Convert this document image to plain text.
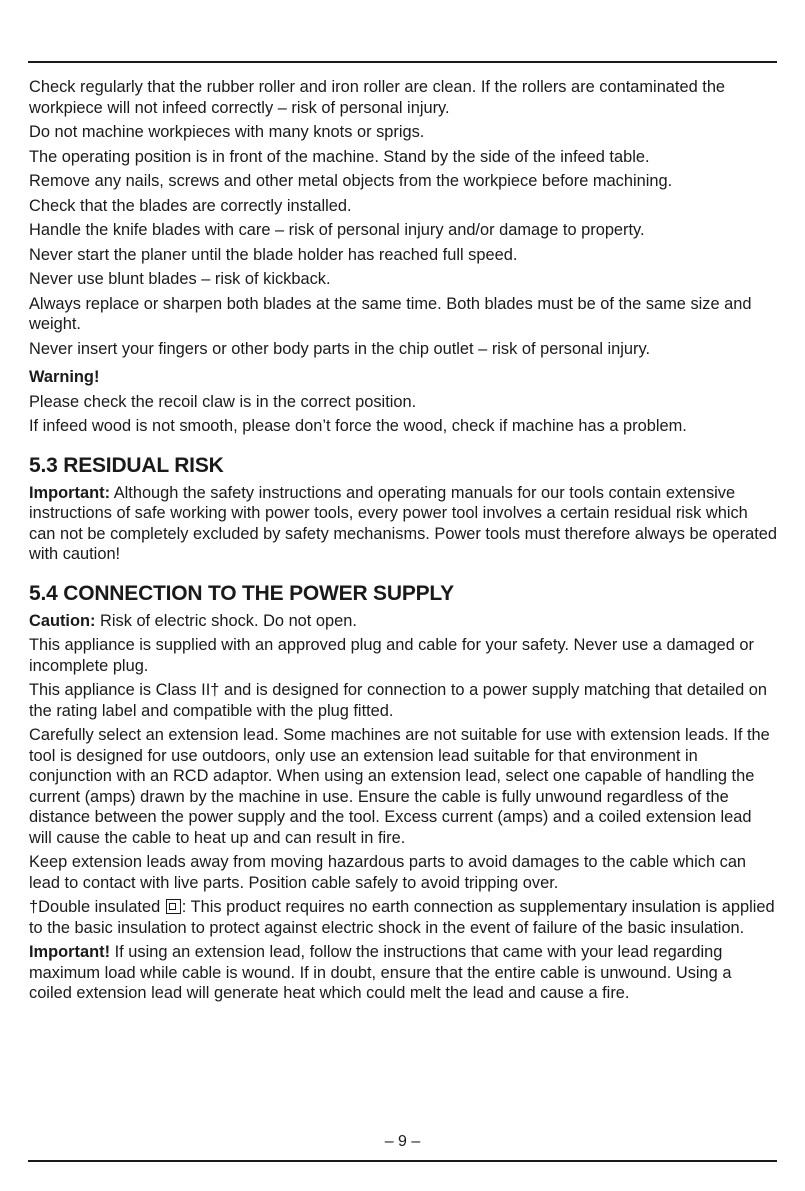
Check regularly that the rubber roller and iron roller are clean. If the rollers are contaminated the workpiece will not infeed correctly – risk of personal injury.

Do not machine workpieces with many knots or sprigs.

The operating position is in front of the machine. Stand by the side of the infeed table.

Remove any nails, screws and other metal objects from the workpiece before machining.

Check that the blades are correctly installed.

Handle the knife blades with care – risk of personal injury and/or damage to property.

Never start the planer until the blade holder has reached full speed.

Never use blunt blades – risk of kickback.

Always replace or sharpen both blades at the same time. Both blades must be of the same size and weight.

Never insert your fingers or other body parts in the chip outlet – risk of personal injury.

Warning!

Please check the recoil claw is in the correct position.

If infeed wood is not smooth, please don’t force the wood, check if machine has a problem.

5.3 RESIDUAL RISK

Important: Although the safety instructions and operating manuals for our tools contain extensive instructions of safe working with power tools, every power tool involves a certain residual risk which can not be completely excluded by safety mechanisms. Power tools must therefore always be operated with caution!

5.4 CONNECTION TO THE POWER SUPPLY

Caution: Risk of electric shock. Do not open.

This appliance is supplied with an approved plug and cable for your safety. Never use a damaged or incomplete plug.

This appliance is Class II† and is designed for connection to a power supply matching that detailed on the rating label and compatible with the plug fitted.

Carefully select an extension lead. Some machines are not suitable for use with extension leads. If the tool is designed for use outdoors, only use an extension lead suitable for that environment in conjunction with an RCD adaptor. When using an extension lead, select one capable of handling the current (amps) drawn by the machine in use. Ensure the cable is fully unwound regardless of the distance between the power supply and the tool. Excess current (amps) and a coiled extension lead will cause the cable to heat up and can result in fire.

Keep extension leads away from moving hazardous parts to avoid damages to the cable which can lead to contact with live parts. Position cable safely to avoid tripping over.

†Double insulated : This product requires no earth connection as supplementary insulation is applied to the basic insulation to protect against electric shock in the event of failure of the basic insulation.

Important! If using an extension lead, follow the instructions that came with your lead regarding maximum load while cable is wound. If in doubt, ensure that the entire cable is unwound. Using a coiled extension lead will generate heat which could melt the lead and cause a fire.

– 9 –
